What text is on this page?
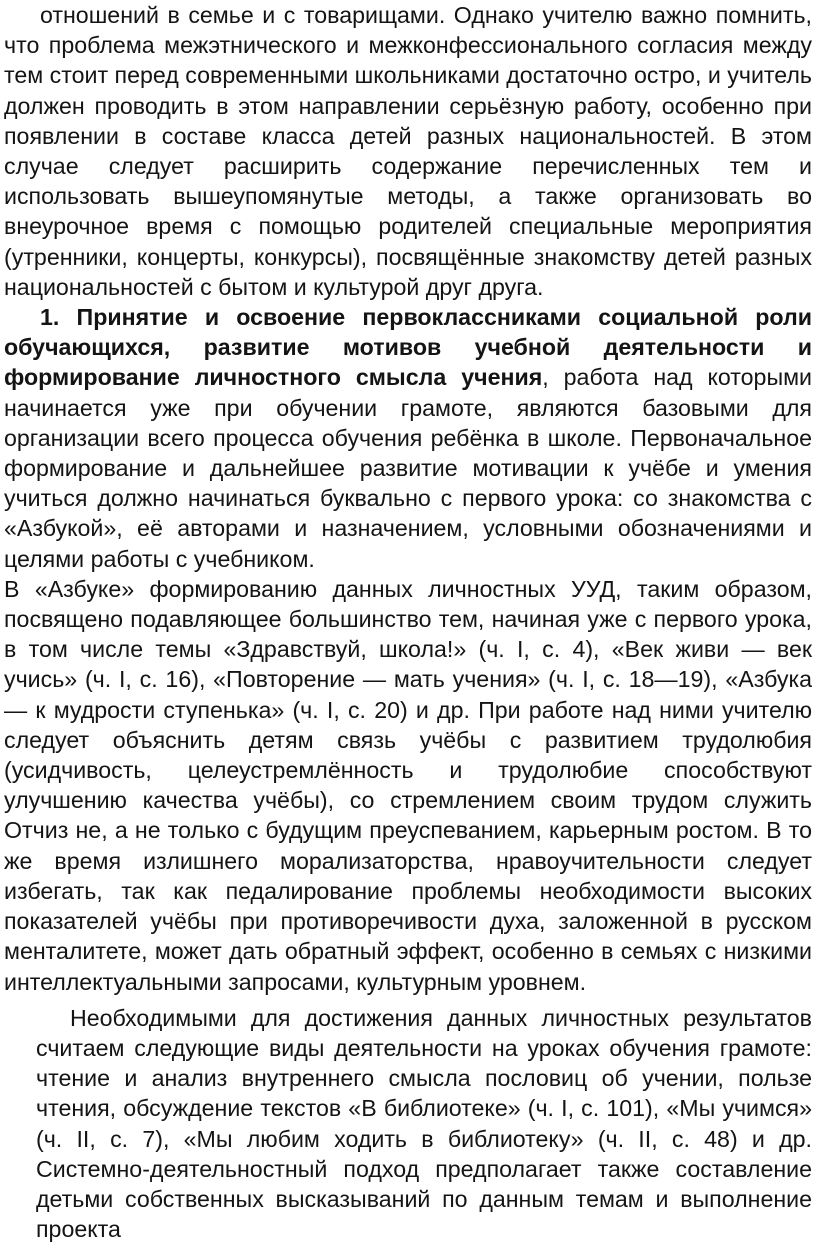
отношений в семье и с товарищами. Однако учителю важно помнить, что проблема межэтнического и межконфессионального согласия между тем стоит перед современными школьниками достаточно остро, и учитель должен проводить в этом направлении серьёзную работу, особенно при появлении в составе класса детей разных национальностей. В этом случае следует расширить содержание перечисленных тем и использовать вышеупомянутые методы, а также организовать во внеурочное время с помощью родителей специальные мероприятия (утренники, концерты, конкурсы), посвящённые знакомству детей разных национальностей с бытом и культурой друг друга.

1. Принятие и освоение первоклассниками социальной роли обучающихся, развитие мотивов учебной деятельности и формирование личностного смысла учения, работа над которыми начинается уже при обучении грамоте, являются базовыми для организации всего процесса обучения ребёнка в школе. Первоначальное формирование и дальнейшее развитие мотивации к учёбе и умения учиться должно начинаться буквально с первого урока: со знакомства с «Азбукой», её авторами и назначением, условными обозначениями и целями работы с учебником.

В «Азбуке» формированию данных личностных УУД, таким образом, посвящено подавляющее большинство тем, начиная уже с первого урока, в том числе темы «Здравствуй, школа!» (ч. I, с. 4), «Век живи — век учись» (ч. I, с. 16), «Повторение — мать учения» (ч. I, с. 18—19), «Азбука — к мудрости ступенька» (ч. I, с. 20) и др. При работе над ними учителю следует объяснить детям связь учёбы с развитием трудолюбия (усидчивость, целеустремлённость и трудолюбие способствуют улучшению качества учёбы), со стремлением своим трудом служить Отчиз не, а не только с будущим преуспеванием, карьерным ростом. В то же время излишнего морализаторства, нравоучительности следует избегать, так как педалирование проблемы необходимости высоких показателей учёбы при противоречивости духа, заложенной в русском менталитете, может дать обратный эффект, особенно в семьях с низкими интеллектуальными запросами, культурным уровнем.

Необходимыми для достижения данных личностных результатов считаем следующие виды деятельности на уроках обучения грамоте: чтение и анализ внутреннего смысла пословиц об учении, пользе чтения, обсуждение текстов «В библиотеке» (ч. I, с. 101), «Мы учимся» (ч. II, с. 7), «Мы любим ходить в библиотеку» (ч. II, с. 48) и др. Системно-деятельностный подход предполагает также составление детьми собственных высказываний по данным темам и выполнение проекта
